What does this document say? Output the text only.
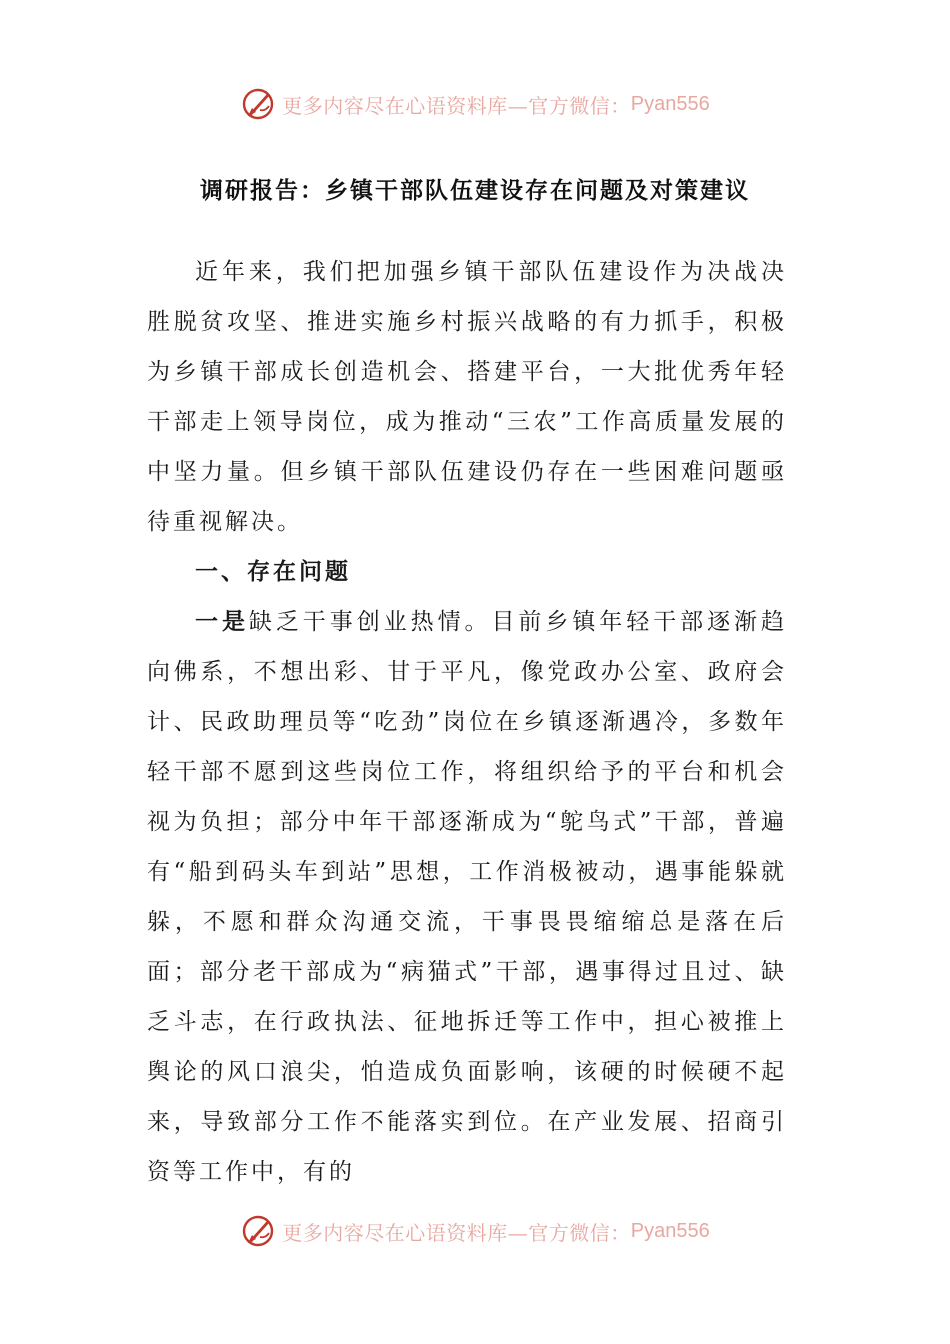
更多内容尽在心语资料库—官方微信： Pyan556
调研报告：乡镇干部队伍建设存在问题及对策建议

近年来，我们把加强乡镇干部队伍建设作为决战决胜脱贫攻坚、推进实施乡村振兴战略的有力抓手，积极为乡镇干部成长创造机会、搭建平台，一大批优秀年轻干部走上领导岗位，成为推动“三农”工作高质量发展的中坚力量。但乡镇干部队伍建设仍存在一些困难问题亟待重视解决。

一、存在问题

一是缺乏干事创业热情。目前乡镇年轻干部逐渐趋向佛系，不想出彩、甘于平凡，像党政办公室、政府会计、民政助理员等“吃劲”岗位在乡镇逐渐遇冷，多数年轻干部不愿到这些岗位工作，将组织给予的平台和机会视为负担；部分中年干部逐渐成为“鸵鸟式”干部，普遍有“船到码头车到站”思想，工作消极被动，遇事能躲就躲，不愿和群众沟通交流，干事畏畏缩缩总是落在后面；部分老干部成为“病猫式”干部，遇事得过且过、缺乏斗志，在行政执法、征地拆迁等工作中，担心被推上舆论的风口浪尖，怕造成负面影响，该硬的时候硬不起来，导致部分工作不能落实到位。在产业发展、招商引资等工作中，有的

更多内容尽在心语资料库—官方微信： Pyan556
